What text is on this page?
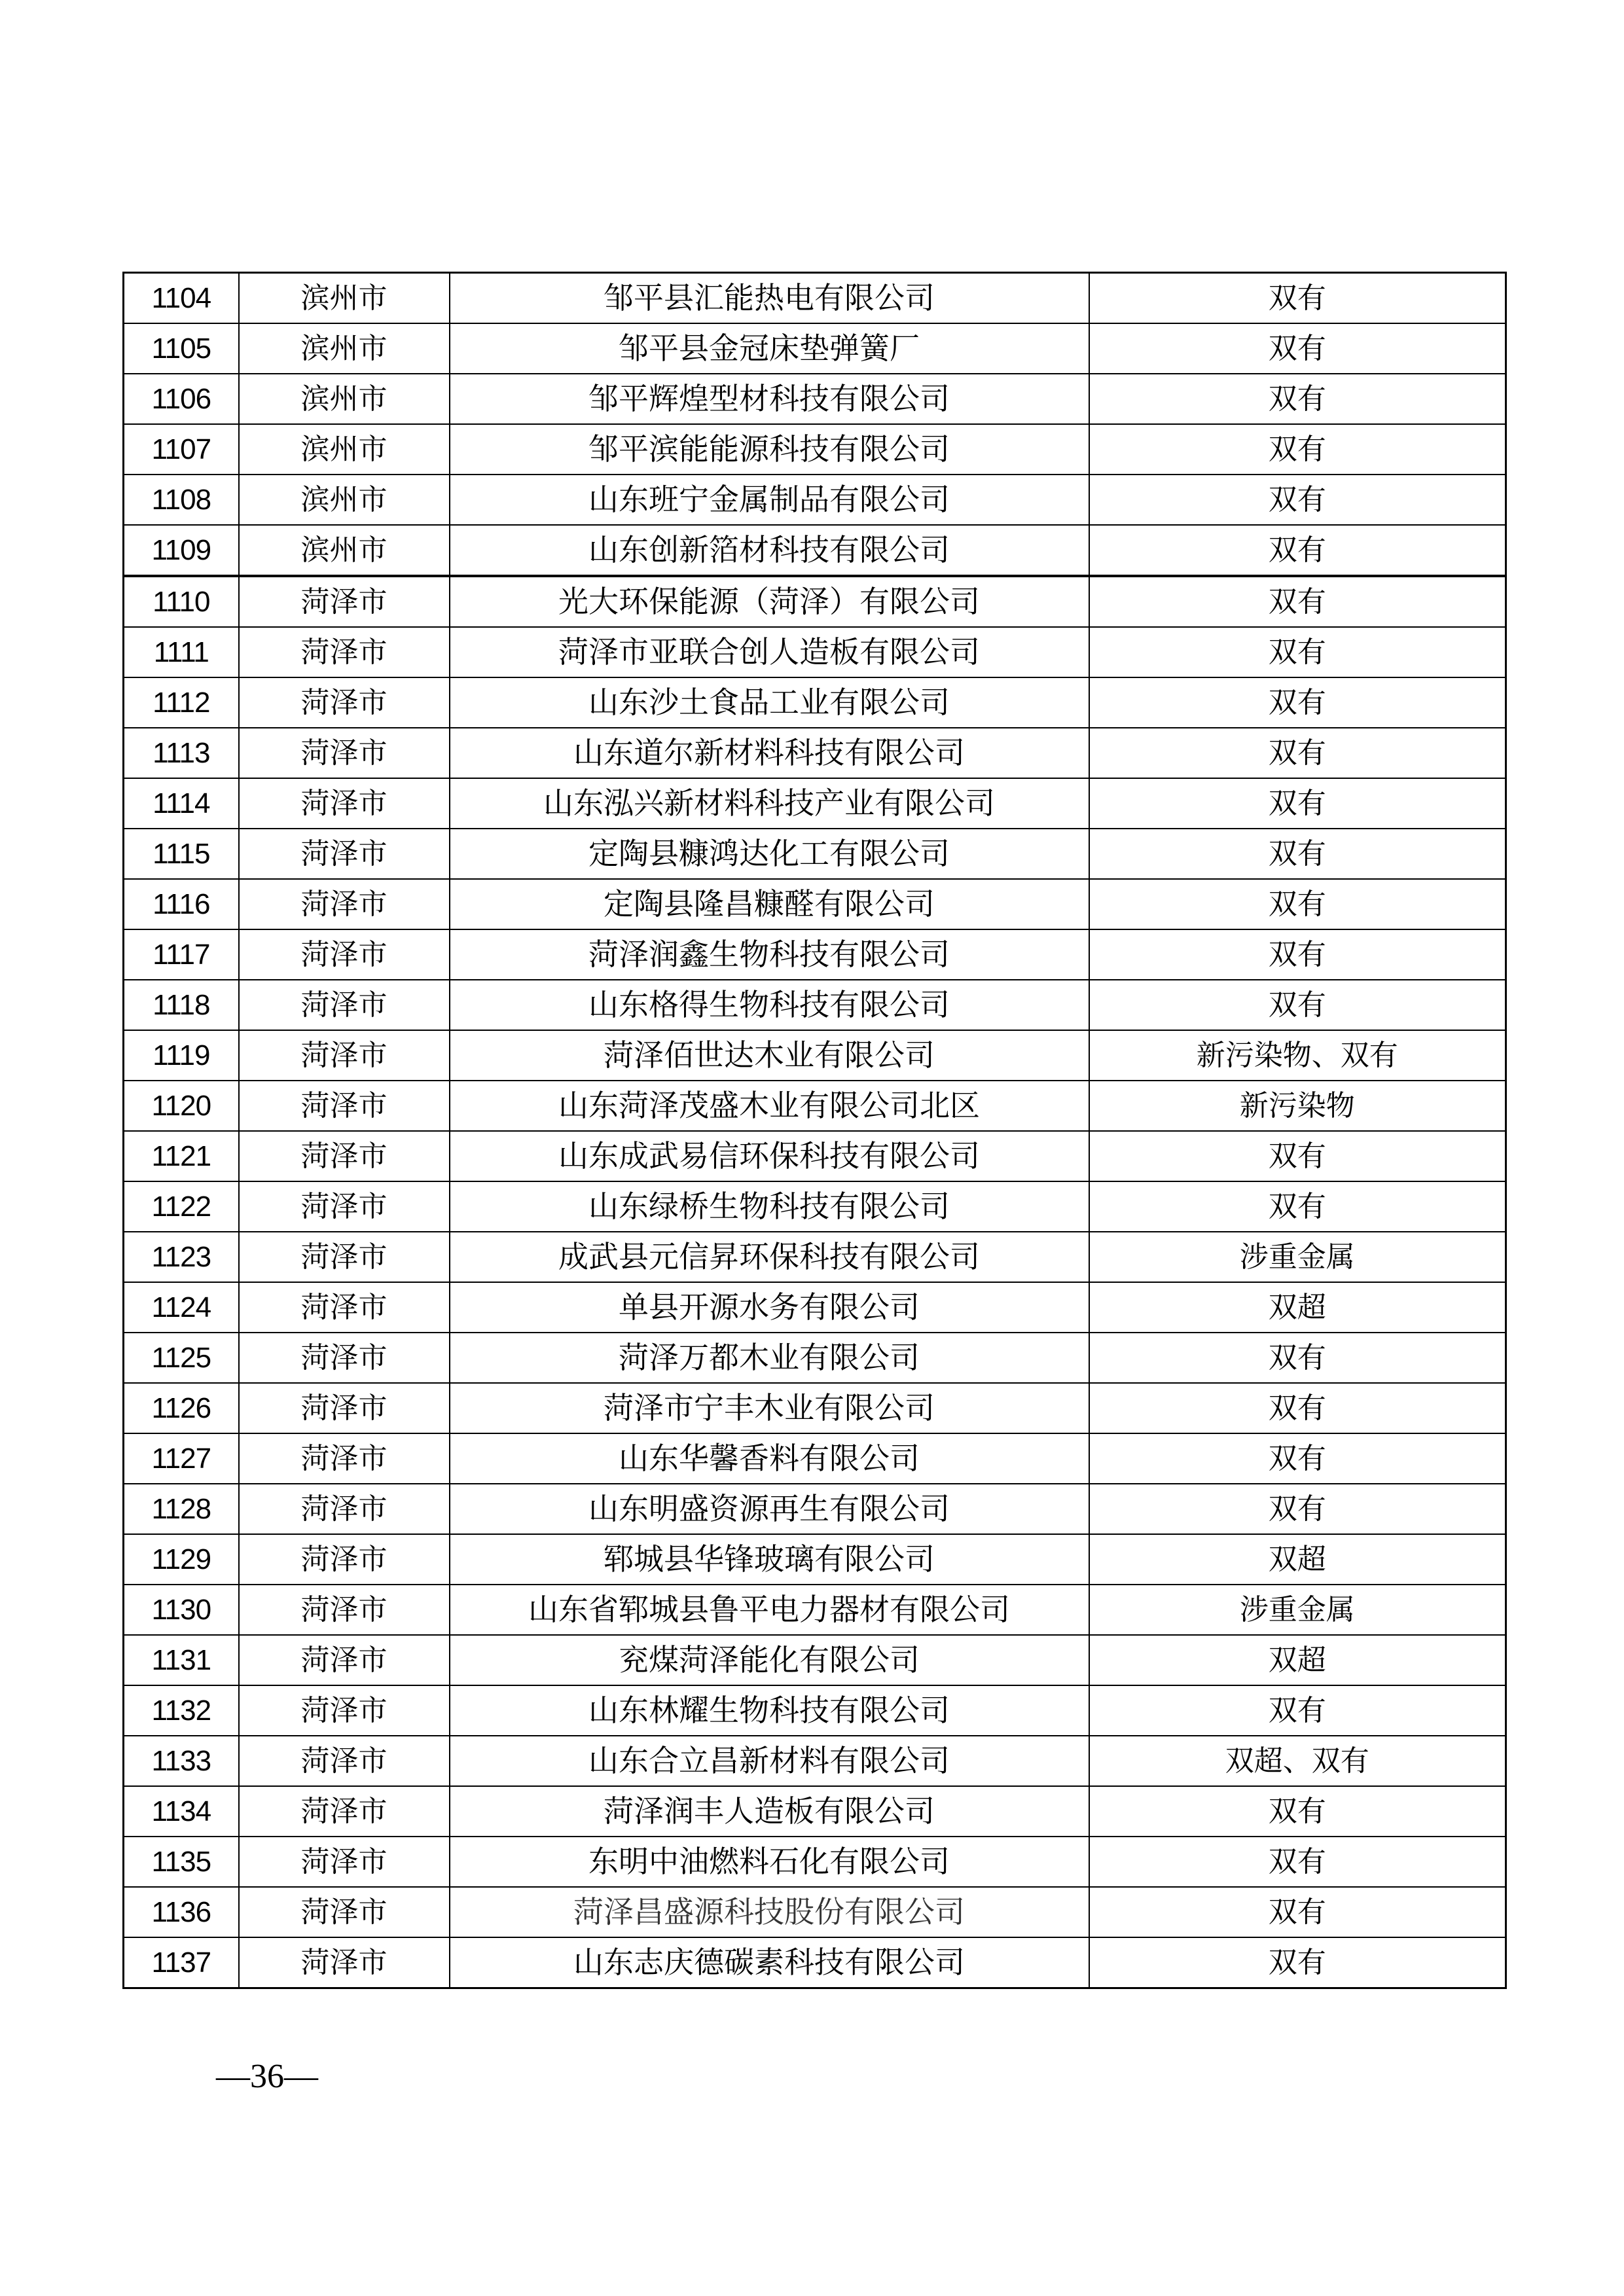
1104	滨州市	邹平县汇能热电有限公司	双有
1105	滨州市	邹平县金冠床垫弹簧厂	双有
1106	滨州市	邹平辉煌型材科技有限公司	双有
1107	滨州市	邹平滨能能源科技有限公司	双有
1108	滨州市	山东班宁金属制品有限公司	双有
1109	滨州市	山东创新箔材科技有限公司	双有
1110	菏泽市	光大环保能源（菏泽）有限公司	双有
1111	菏泽市	菏泽市亚联合创人造板有限公司	双有
1112	菏泽市	山东沙土食品工业有限公司	双有
1113	菏泽市	山东道尔新材料科技有限公司	双有
1114	菏泽市	山东泓兴新材料科技产业有限公司	双有
1115	菏泽市	定陶县糠鸿达化工有限公司	双有
1116	菏泽市	定陶县隆昌糠醛有限公司	双有
1117	菏泽市	菏泽润鑫生物科技有限公司	双有
1118	菏泽市	山东格得生物科技有限公司	双有
1119	菏泽市	菏泽佰世达木业有限公司	新污染物、双有
1120	菏泽市	山东菏泽茂盛木业有限公司北区	新污染物
1121	菏泽市	山东成武易信环保科技有限公司	双有
1122	菏泽市	山东绿桥生物科技有限公司	双有
1123	菏泽市	成武县元信昇环保科技有限公司	涉重金属
1124	菏泽市	单县开源水务有限公司	双超
1125	菏泽市	菏泽万都木业有限公司	双有
1126	菏泽市	菏泽市宁丰木业有限公司	双有
1127	菏泽市	山东华馨香料有限公司	双有
1128	菏泽市	山东明盛资源再生有限公司	双有
1129	菏泽市	郓城县华锋玻璃有限公司	双超
1130	菏泽市	山东省郓城县鲁平电力器材有限公司	涉重金属
1131	菏泽市	兖煤菏泽能化有限公司	双超
1132	菏泽市	山东林耀生物科技有限公司	双有
1133	菏泽市	山东合立昌新材料有限公司	双超、双有
1134	菏泽市	菏泽润丰人造板有限公司	双有
1135	菏泽市	东明中油燃料石化有限公司	双有
1136	菏泽市	菏泽昌盛源科技股份有限公司	双有
1137	菏泽市	山东志庆德碳素科技有限公司	双有
—36—
